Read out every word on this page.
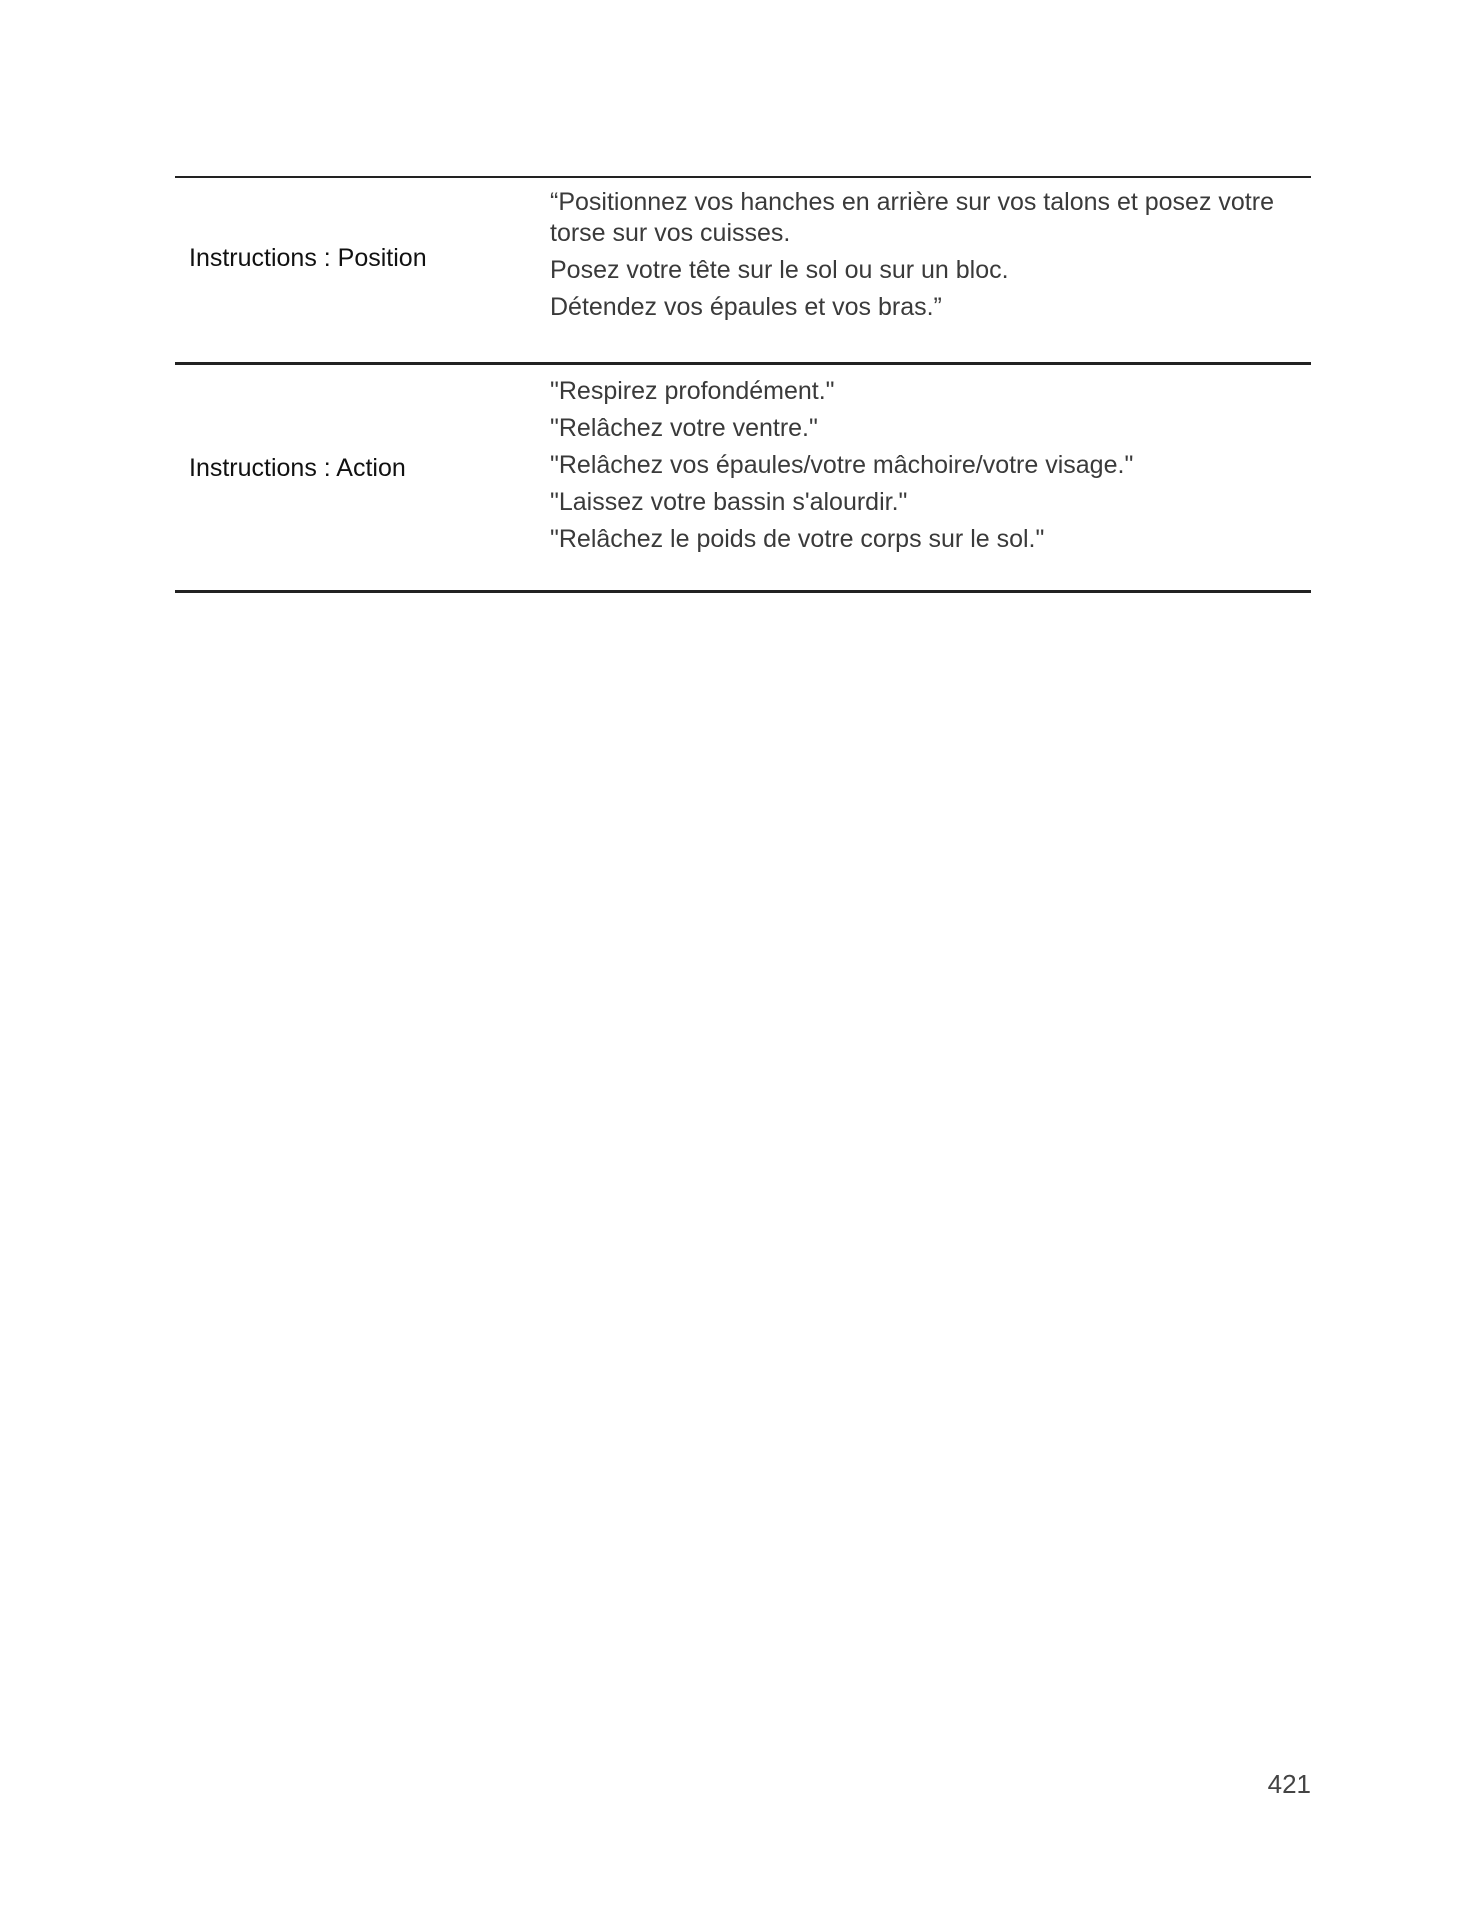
Instructions : Position
“Positionnez vos hanches en arrière sur vos talons et posez votre
torse sur vos cuisses.
Posez votre tête sur le sol ou sur un bloc.
Détendez vos épaules et vos bras.”
Instructions : Action
"Respirez profondément."
"Relâchez votre ventre."
"Relâchez vos épaules/votre mâchoire/votre visage."
"Laissez votre bassin s'alourdir."
"Relâchez le poids de votre corps sur le sol."
421
